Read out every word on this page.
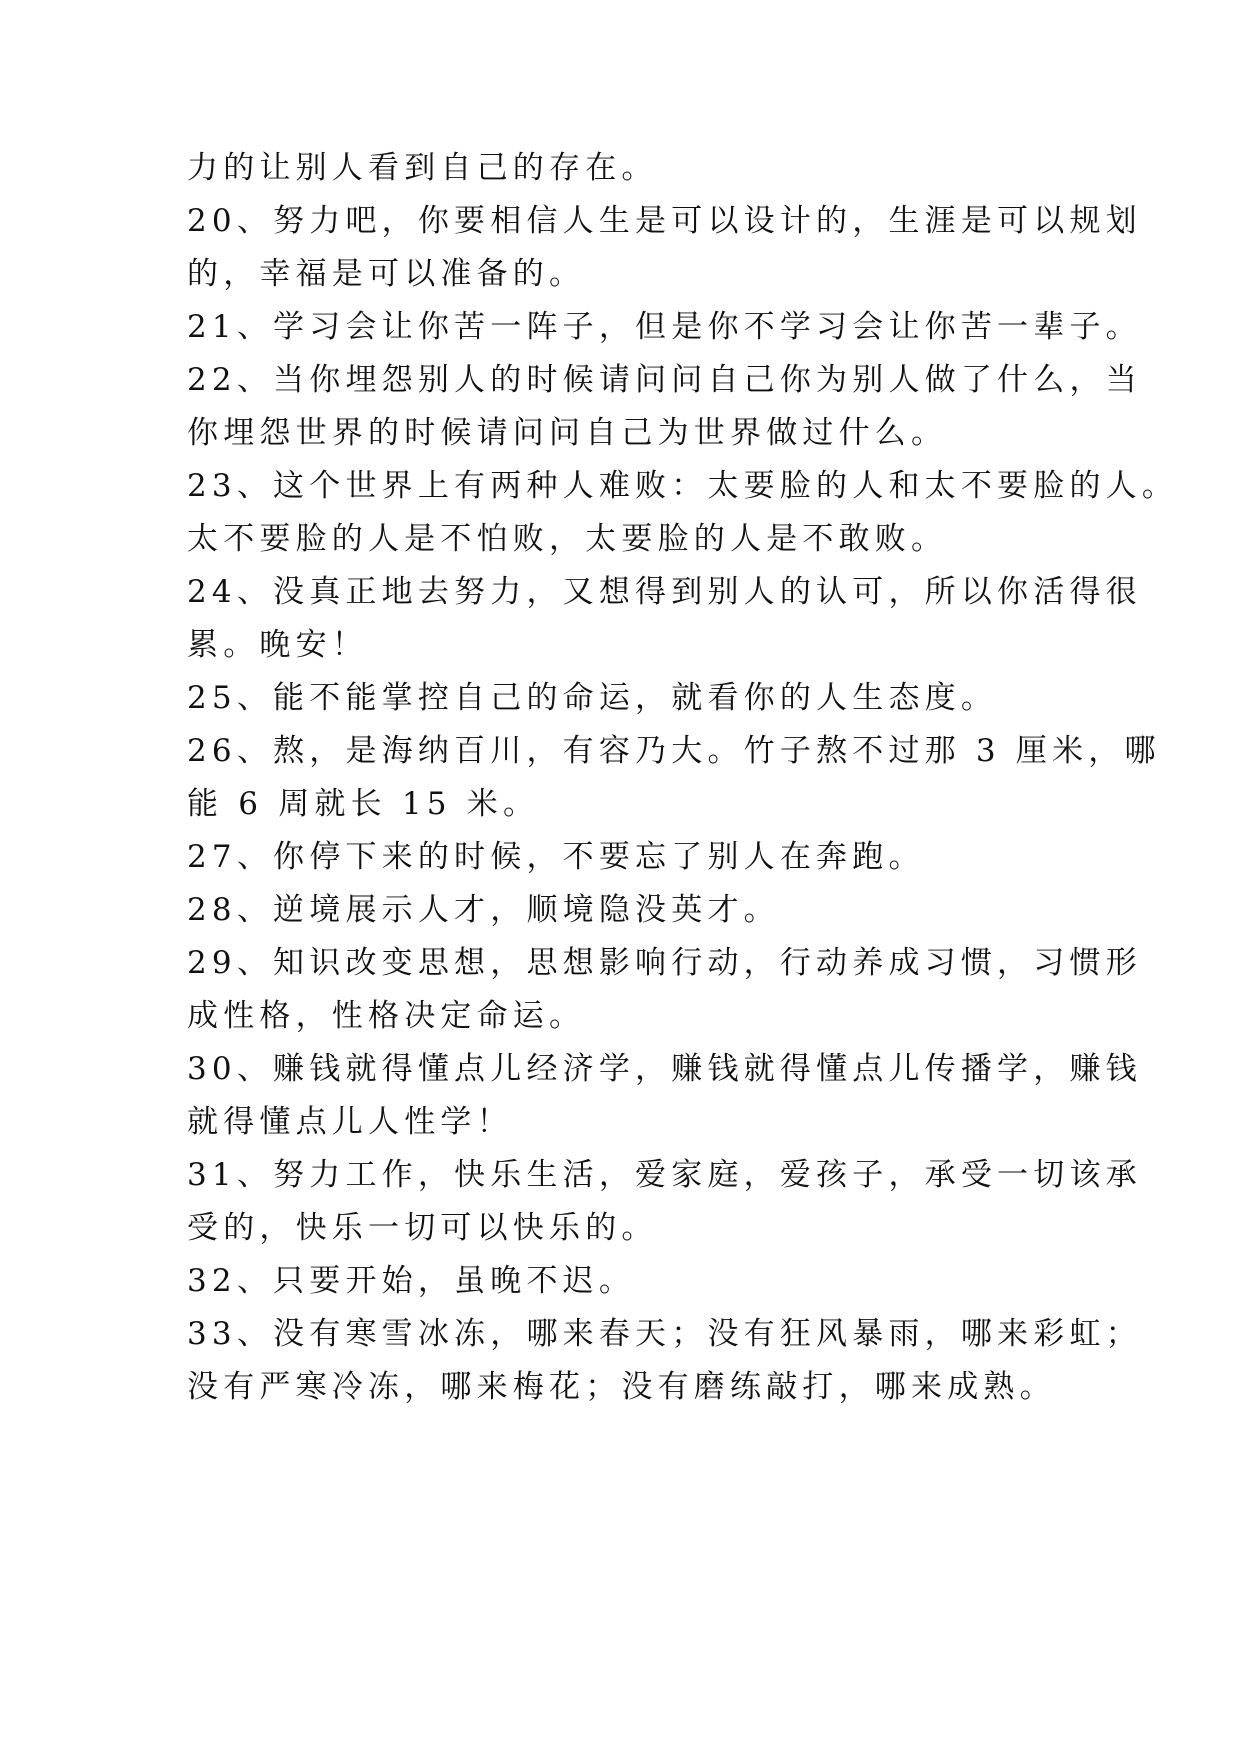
力的让别人看到自己的存在。
20、努力吧，你要相信人生是可以设计的，生涯是可以规划
的，幸福是可以准备的。
21、学习会让你苦一阵子，但是你不学习会让你苦一辈子。
22、当你埋怨别人的时候请问问自己你为别人做了什么，当
你埋怨世界的时候请问问自己为世界做过什么。
23、这个世界上有两种人难败：太要脸的人和太不要脸的人。
太不要脸的人是不怕败，太要脸的人是不敢败。
24、没真正地去努力，又想得到别人的认可，所以你活得很
累。晚安！
25、能不能掌控自己的命运，就看你的人生态度。
26、熬，是海纳百川，有容乃大。竹子熬不过那 3 厘米，哪
能 6 周就长 15 米。
27、你停下来的时候，不要忘了别人在奔跑。
28、逆境展示人才，顺境隐没英才。
29、知识改变思想，思想影响行动，行动养成习惯，习惯形
成性格，性格决定命运。
30、赚钱就得懂点儿经济学，赚钱就得懂点儿传播学，赚钱
就得懂点儿人性学！
31、努力工作，快乐生活，爱家庭，爱孩子，承受一切该承
受的，快乐一切可以快乐的。
32、只要开始，虽晚不迟。
33、没有寒雪冰冻，哪来春天；没有狂风暴雨，哪来彩虹；
没有严寒冷冻，哪来梅花；没有磨练敲打，哪来成熟。
